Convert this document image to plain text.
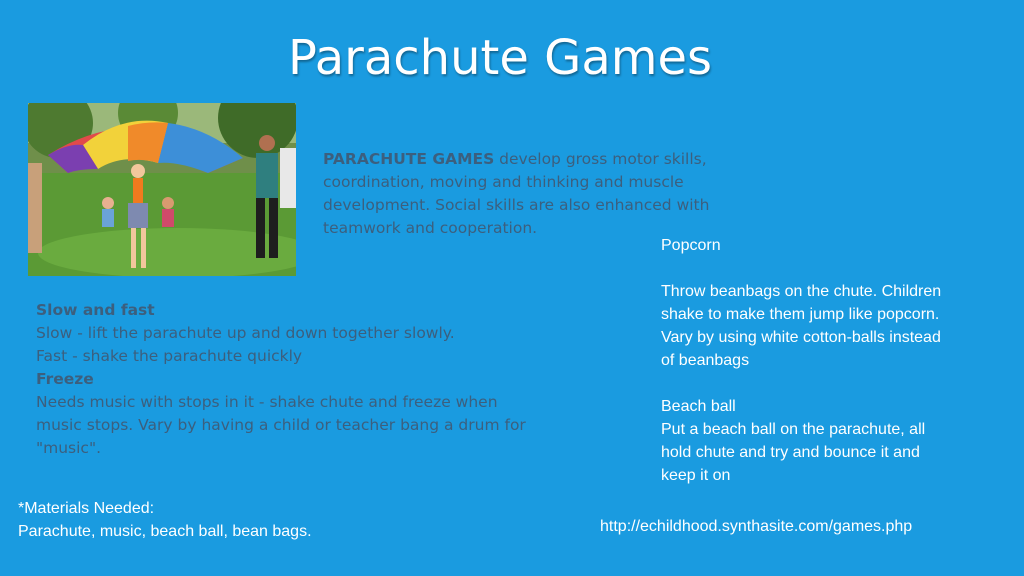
Parachute Games
PARACHUTE GAMES develop gross motor skills, coordination, moving and thinking and muscle development. Social skills are also enhanced with teamwork and cooperation.
Slow and fast
Slow - lift the parachute up and down together slowly.
Fast - shake the parachute quickly
Freeze
Needs music with stops in it - shake chute and freeze when music stops. Vary by having a child or teacher bang a drum for "music".

Popcorn

Throw beanbags on the chute. Children shake to make them jump like popcorn. Vary by using white cotton-balls instead of beanbags

Beach ball

Put a beach ball on the parachute, all hold chute and try and bounce it and keep it on

*Materials Needed:
Parachute, music, beach ball, bean bags.	http://echildhood.synthasite.com/games.php
